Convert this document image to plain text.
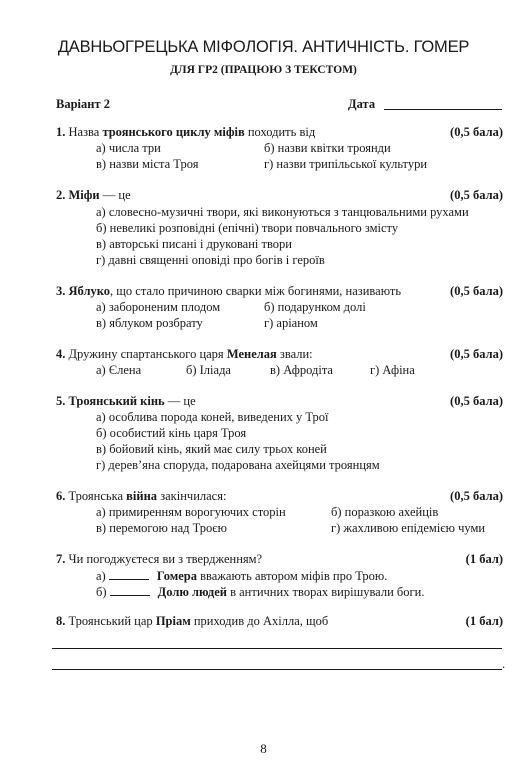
ДАВНЬОГРЕЦЬКА МІФОЛОГІЯ. АНТИЧНІСТЬ. ГОМЕР
ДЛЯ ГР2 (ПРАЦЮЮ З ТЕКСТОМ)
Варіант 2	Дата
1. Назва троянського циклу міфів походить від	(0,5 бала)
а) числа три	б) назви квітки троянди
в) назви міста Троя	г) назви трипільської культури
2. Міфи — це	(0,5 бала)
а) словесно-музичні твори, які виконуються з танцювальними рухами
б) невеликі розповідні (епічні) твори повчального змісту
в) авторські писані і друковані твори
г) давні священні оповіді про богів і героїв
3. Яблуко, що стало причиною сварки між богинями, називають	(0,5 бала)
а) забороненим плодом	б) подарунком долі
в) яблуком розбрату	г) аріаном
4. Дружину спартанського царя Менелая звали:	(0,5 бала)
а) Єлена	б) Іліада	в) Афродіта	г) Афіна
5. Троянський кінь — це	(0,5 бала)
а) особлива порода коней, виведених у Трої
б) особистий кінь царя Троя
в) бойовий кінь, який має силу трьох коней
г) дерев’яна споруда, подарована ахейцями троянцям
6. Троянська війна закінчилася:	(0,5 бала)
а) примиренням ворогуючих сторін	б) поразкою ахейців
в) перемогою над Троєю	г) жахливою епідемією чуми
7. Чи погоджуєтеся ви з твердженням?	(1 бал)
а)	Гомера вважають автором міфів про Трою.
б)	Долю людей в античних творах вирішували боги.
8. Троянський цар Пріам приходив до Ахілла, щоб	(1 бал)
.
8
